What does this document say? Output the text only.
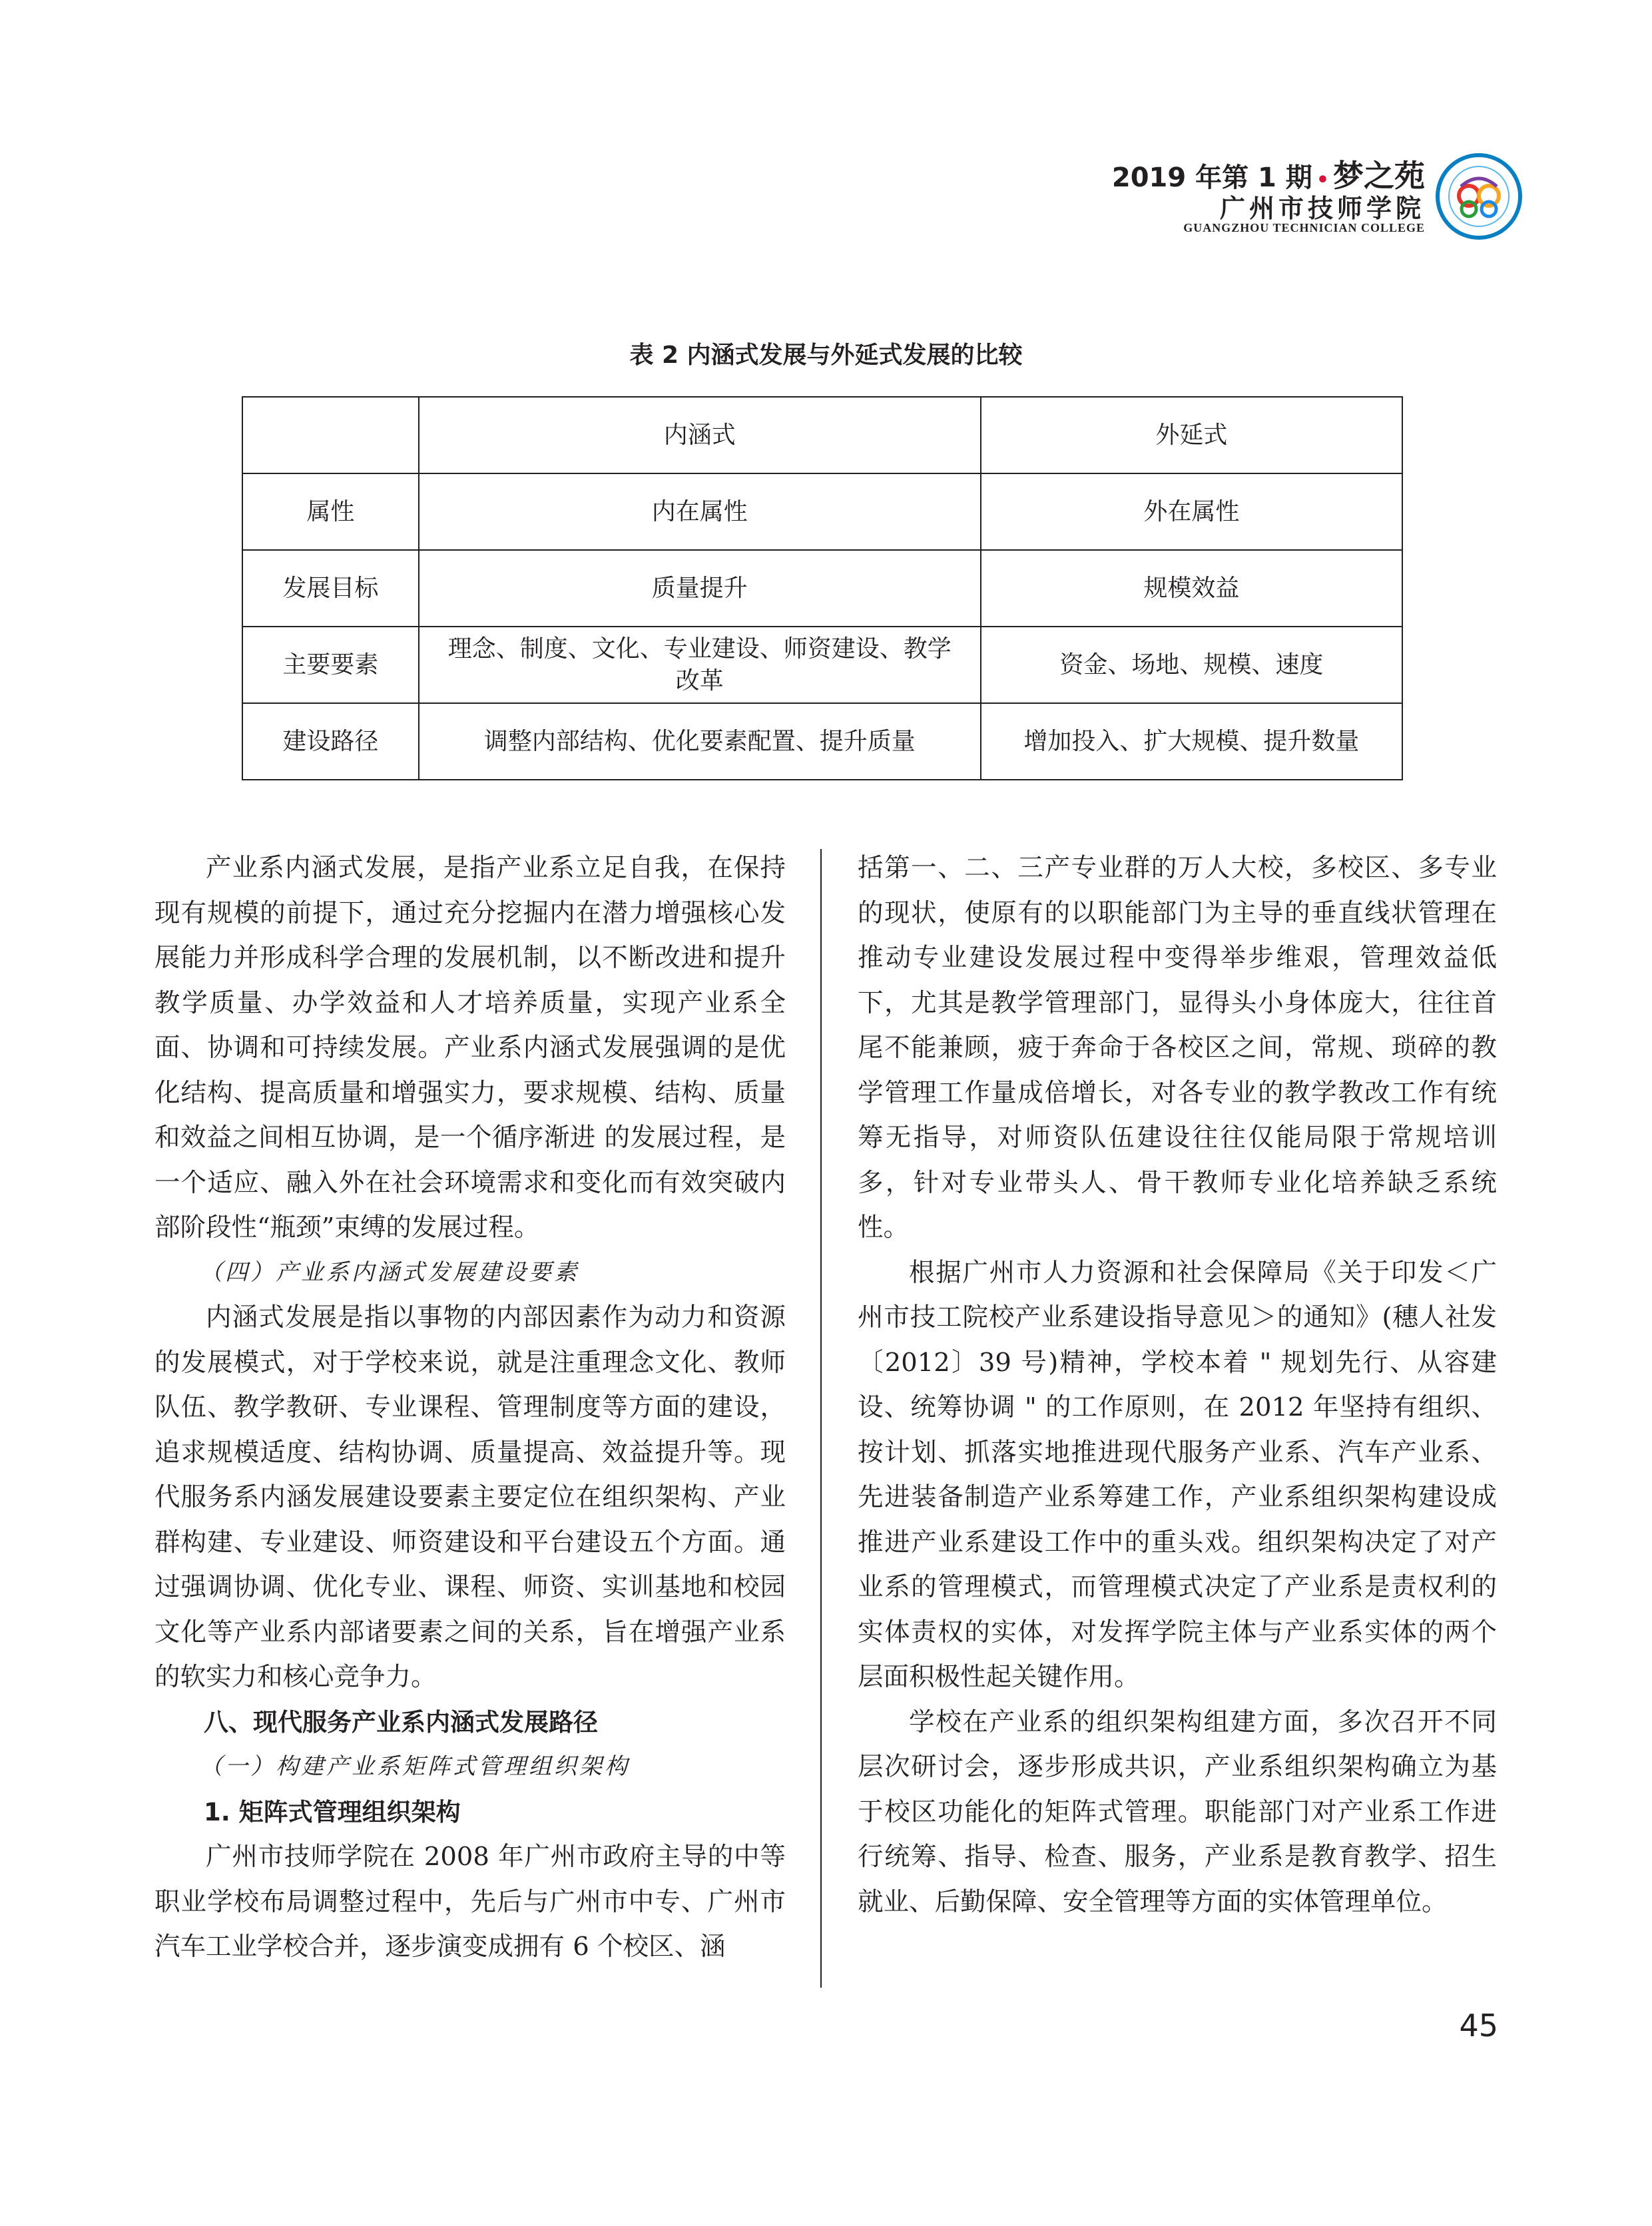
2019 年第 1 期 • 梦之苑
广州市技师学院
GUANGZHOU TECHNICIAN COLLEGE
表 2 内涵式发展与外延式发展的比较
	内涵式	外延式
属性	内在属性	外在属性
发展目标	质量提升	规模效益
主要要素	理念、制度、文化、专业建设、师资建设、教学改革	资金、场地、规模、速度
建设路径	调整内部结构、优化要素配置、提升质量	增加投入、扩大规模、提升数量

产业系内涵式发展，是指产业系立足自我，在保持现有规模的前提下，通过充分挖掘内在潜力增强核心发展能力并形成科学合理的发展机制，以不断改进和提升教学质量、办学效益和人才培养质量，实现产业系全面、协调和可持续发展。产业系内涵式发展强调的是优化结构、提高质量和增强实力，要求规模、结构、质量和效益之间相互协调，是一个循序渐进 的发展过程，是一个适应、融入外在社会环境需求和变化而有效突破内部阶段性“瓶颈”束缚的发展过程。

（四）产业系内涵式发展建设要素

内涵式发展是指以事物的内部因素作为动力和资源的发展模式，对于学校来说，就是注重理念文化、教师队伍、教学教研、专业课程、管理制度等方面的建设，追求规模适度、结构协调、质量提高、效益提升等。现代服务系内涵发展建设要素主要定位在组织架构、产业群构建、专业建设、师资建设和平台建设五个方面。通过强调协调、优化专业、课程、师资、实训基地和校园文化等产业系内部诸要素之间的关系，旨在增强产业系的软实力和核心竞争力。

八、现代服务产业系内涵式发展路径

（一）构建产业系矩阵式管理组织架构

1. 矩阵式管理组织架构

广州市技师学院在 2008 年广州市政府主导的中等职业学校布局调整过程中，先后与广州市中专、广州市汽车工业学校合并，逐步演变成拥有 6 个校区、涵

括第一、二、三产专业群的万人大校，多校区、多专业的现状，使原有的以职能部门为主导的垂直线状管理在推动专业建设发展过程中变得举步维艰，管理效益低下，尤其是教学管理部门，显得头小身体庞大，往往首尾不能兼顾，疲于奔命于各校区之间，常规、琐碎的教学管理工作量成倍增长，对各专业的教学教改工作有统筹无指导，对师资队伍建设往往仅能局限于常规培训多，针对专业带头人、骨干教师专业化培养缺乏系统性。

根据广州市人力资源和社会保障局《关于印发＜广州市技工院校产业系建设指导意见＞的通知》(穗人社发〔2012〕39 号)精神，学校本着 " 规划先行、从容建设、统筹协调 " 的工作原则，在 2012 年坚持有组织、按计划、抓落实地推进现代服务产业系、汽车产业系、先进装备制造产业系筹建工作，产业系组织架构建设成推进产业系建设工作中的重头戏。组织架构决定了对产业系的管理模式，而管理模式决定了产业系是责权利的实体责权的实体，对发挥学院主体与产业系实体的两个层面积极性起关键作用。

学校在产业系的组织架构组建方面，多次召开不同层次研讨会，逐步形成共识，产业系组织架构确立为基于校区功能化的矩阵式管理。职能部门对产业系工作进行统筹、指导、检查、服务，产业系是教育教学、招生就业、后勤保障、安全管理等方面的实体管理单位。

45
